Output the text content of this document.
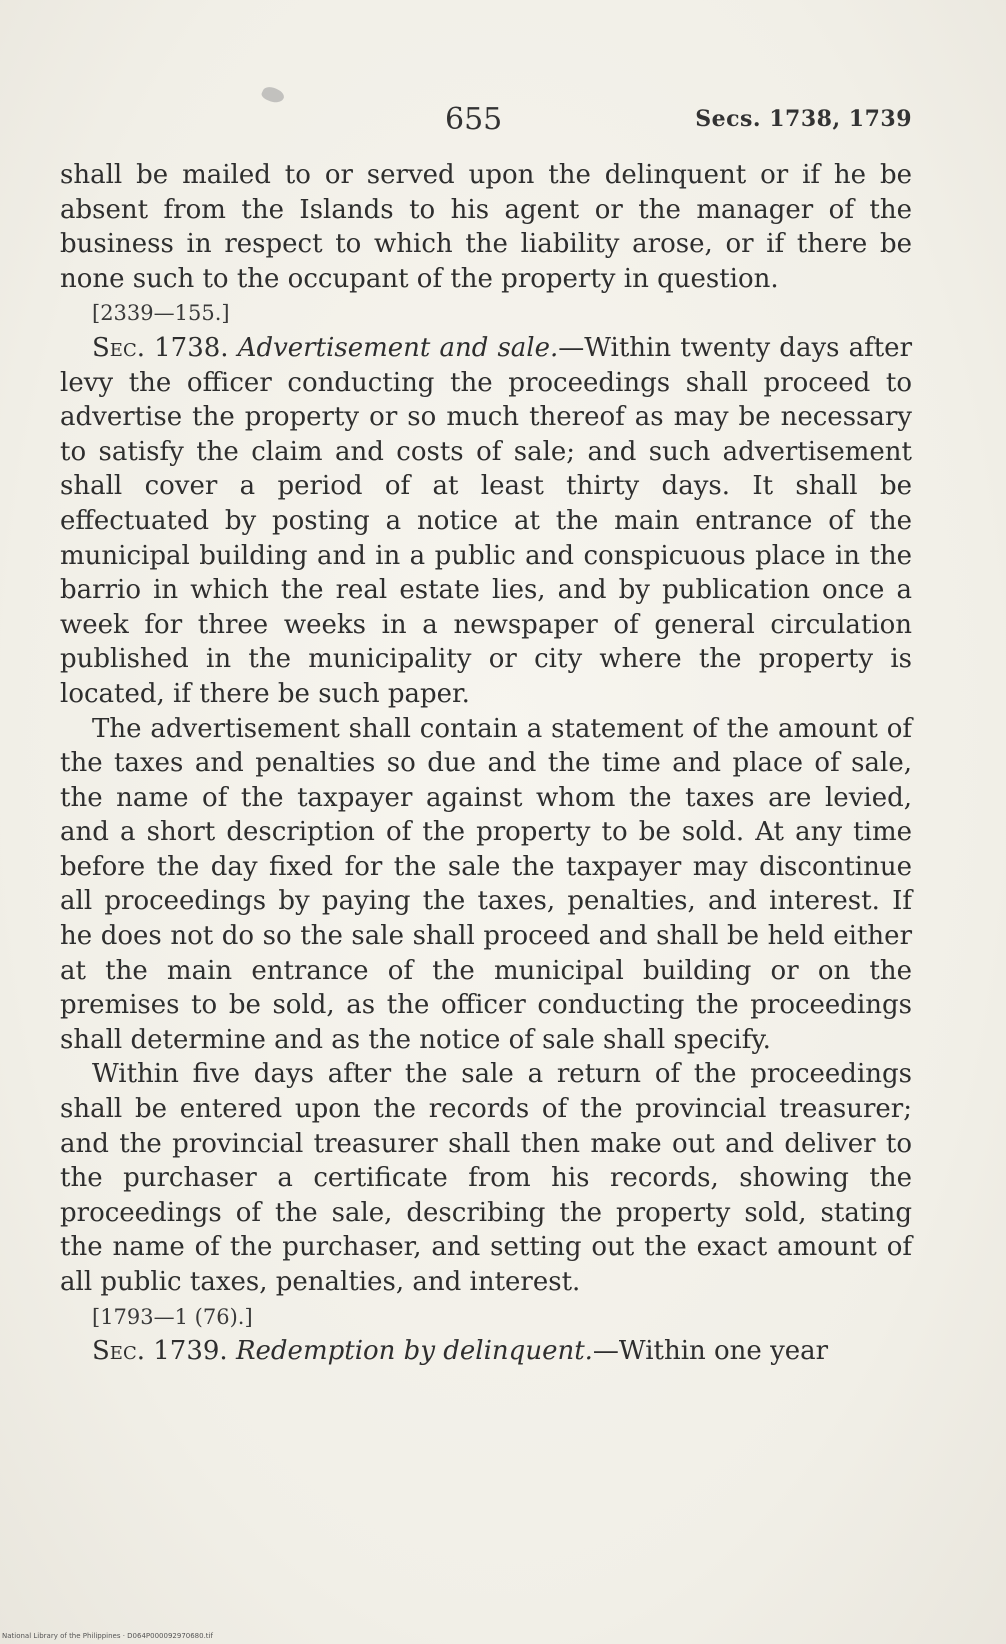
655	Secs. 1738, 1739

shall be mailed to or served upon the delinquent or if he be absent from the Islands to his agent or the manager of the business in respect to which the liability arose, or if there be none such to the occupant of the property in question.

[2339—155.]

Sec. 1738. Advertisement and sale.—Within twenty days after levy the officer conducting the proceedings shall proceed to advertise the property or so much thereof as may be necessary to satisfy the claim and costs of sale; and such advertisement shall cover a period of at least thirty days. It shall be effectuated by posting a notice at the main entrance of the municipal building and in a public and conspicuous place in the barrio in which the real estate lies, and by publication once a week for three weeks in a newspaper of general circulation published in the municipality or city where the property is located, if there be such paper.

The advertisement shall contain a statement of the amount of the taxes and penalties so due and the time and place of sale, the name of the taxpayer against whom the taxes are levied, and a short description of the property to be sold. At any time before the day fixed for the sale the taxpayer may discontinue all proceedings by paying the taxes, penalties, and interest. If he does not do so the sale shall proceed and shall be held either at the main entrance of the municipal building or on the premises to be sold, as the officer conducting the proceedings shall determine and as the notice of sale shall specify.

Within five days after the sale a return of the proceedings shall be entered upon the records of the provincial treasurer; and the provincial treasurer shall then make out and deliver to the purchaser a certificate from his records, showing the proceedings of the sale, describing the property sold, stating the name of the purchaser, and setting out the exact amount of all public taxes, penalties, and interest.

[1793—1 (76).]

Sec. 1739. Redemption by delinquent.—Within one year

National Library of the Philippines · D064P000092970680.tif
